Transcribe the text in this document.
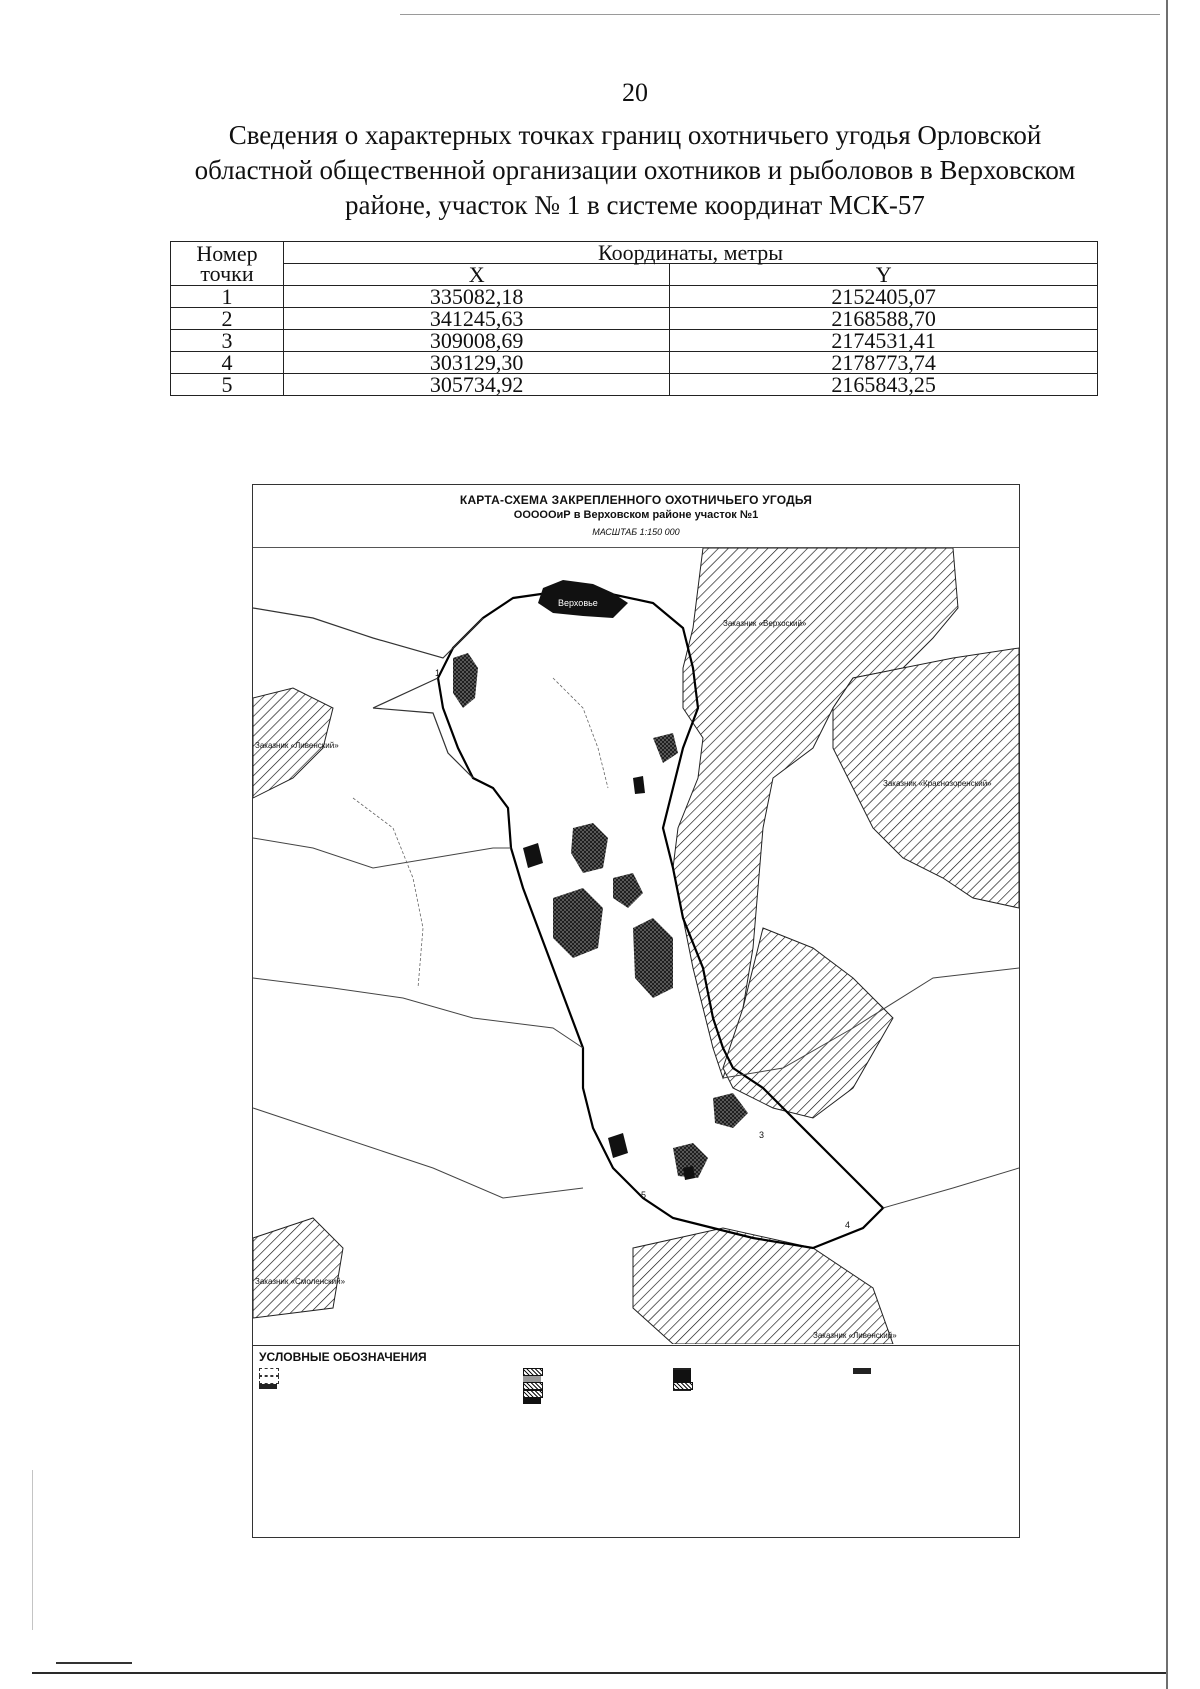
20
Сведения о характерных точках границ охотничьего угодья Орловской
областной общественной организации охотников и рыболовов в Верховском
районе, участок № 1 в системе координат МСК-57
Номер
точки	Координаты, метры	
	X	Y
1	335082,18	2152405,07
2	341245,63	2168588,70
3	309008,69	2174531,41
4	303129,30	2178773,74
5	305734,92	2165843,25
КАРТА-СХЕМА ЗАКРЕПЛЕННОГО ОХОТНИЧЬЕГО УГОДЬЯ
ОООООиР в Верховском районе участок №1
МАСШТАБ 1:150 000
Верховье
Заказник «Верхоский»
Заказник «Ливенский»
Заказник «Краснозоренский»
Заказник «Смоленский»
Заказник «Ливенский»
1
3
4
5
УСЛОВНЫЕ ОБОЗНАЧЕНИЯ
